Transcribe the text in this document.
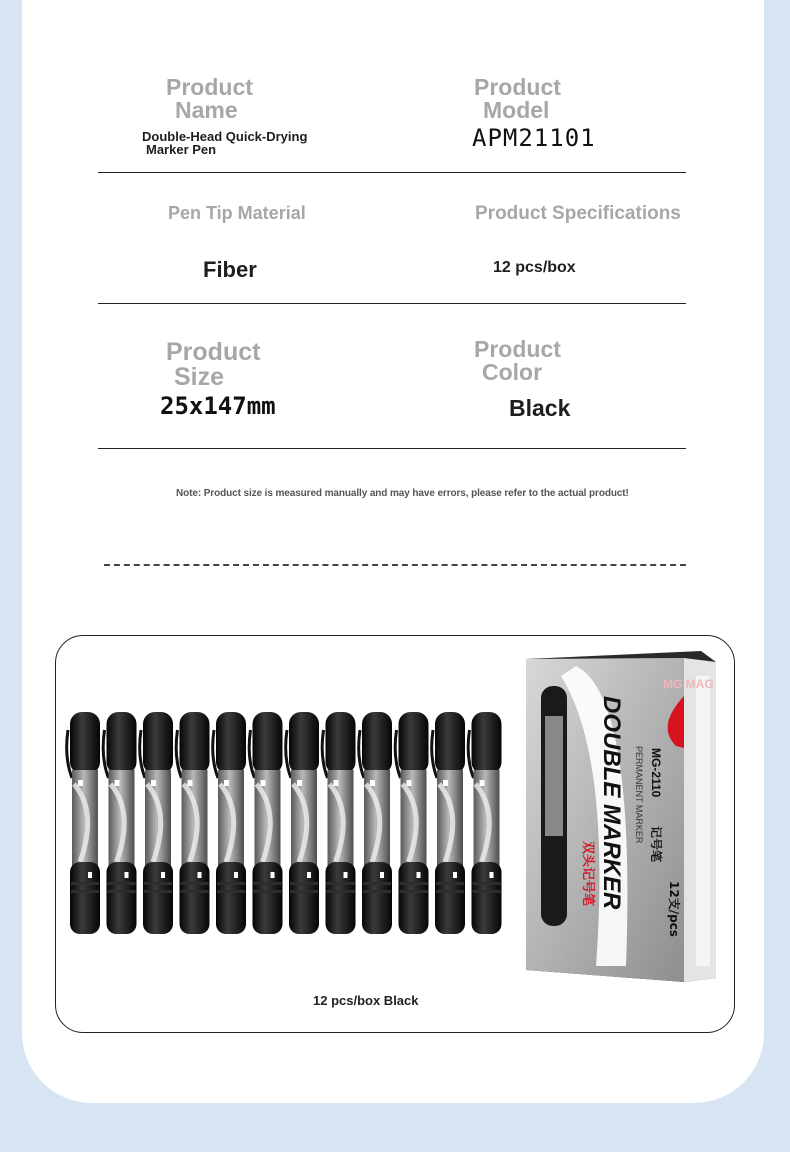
Product
Name
Double-Head Quick-Drying
Marker Pen
Product
Model
APM21101
Pen Tip Material
Fiber
Product Specifications
12 pcs/box
Product
Size
25x147mm
Product
Color
Black
Note: Product size is measured manually and may have errors, please refer to the actual product!
DOUBLE MARKER
双头记号笔
PERMANENT MARKER MG-2110
记号笔
12支/pcs
MG MAG
12 pcs/box Black
